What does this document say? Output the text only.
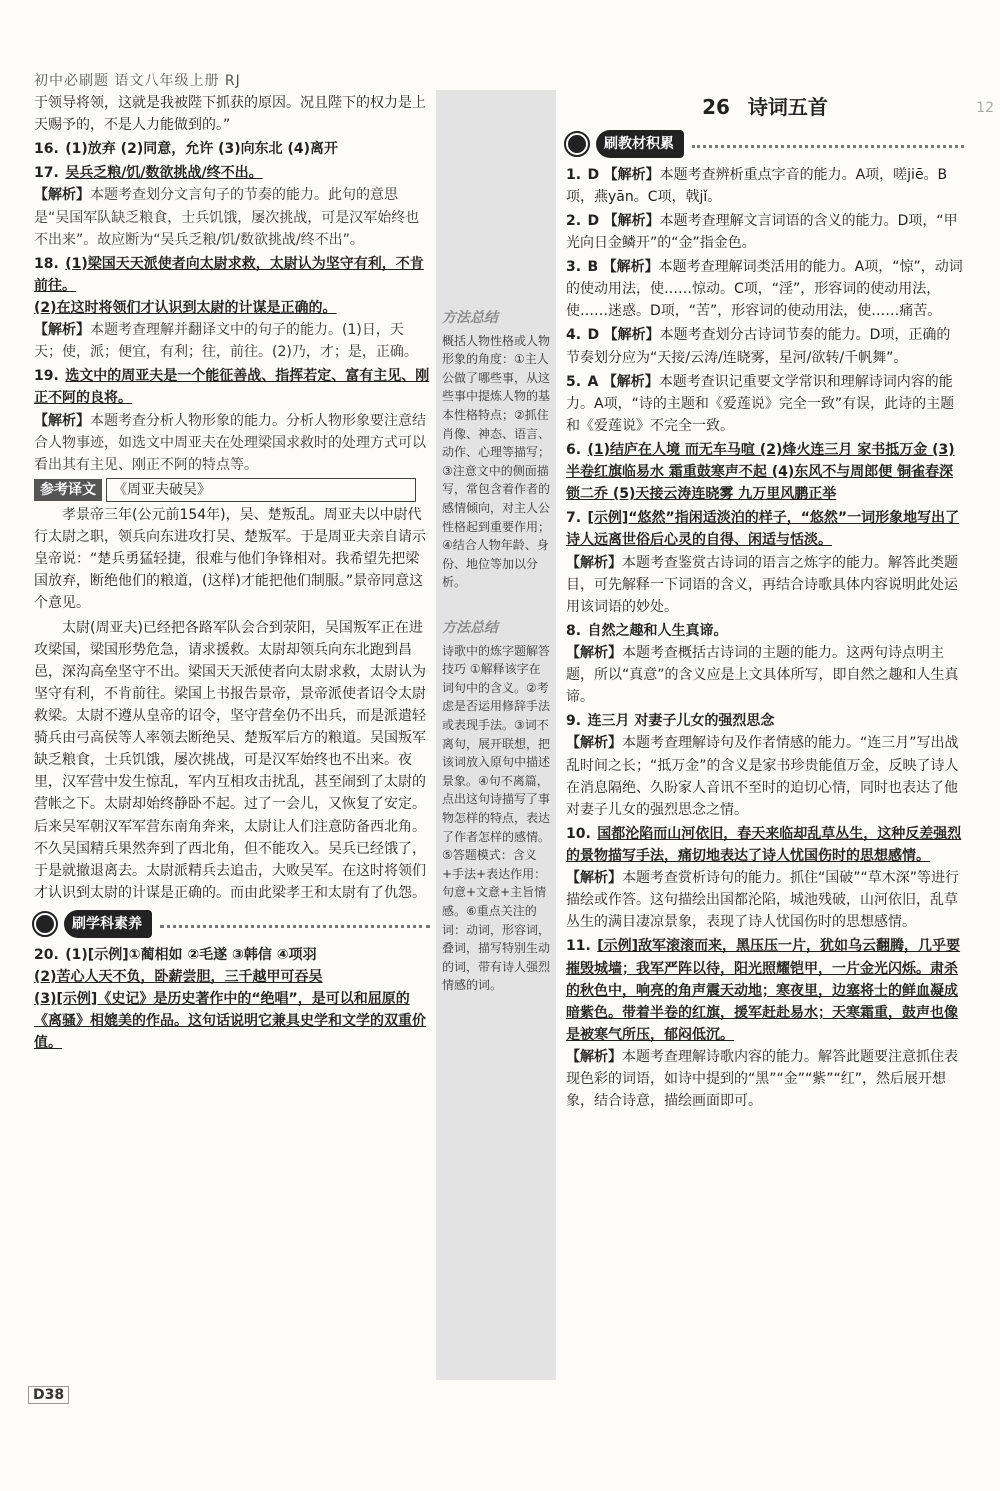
初中必刷题 语文八年级上册 RJ
12
于领导将领，这就是我被陛下抓获的原因。况且陛下的权力是上天赐予的，不是人力能做到的。”
16. (1)放弃 (2)同意，允许 (3)向东北 (4)离开
17. 吴兵乏粮/饥/数欲挑战/终不出。
【解析】本题考查划分文言句子的节奏的能力。此句的意思是“吴国军队缺乏粮食，士兵饥饿，屡次挑战，可是汉军始终也不出来”。故应断为“吴兵乏粮/饥/数欲挑战/终不出”。
18. (1)梁国天天派使者向太尉求救，太尉认为坚守有利，不肯前往。
(2)在这时将领们才认识到太尉的计谋是正确的。
【解析】本题考查理解并翻译文中的句子的能力。(1)日，天天；使，派；便宜，有利；往，前往。(2)乃，才；是，正确。
19. 选文中的周亚夫是一个能征善战、指挥若定、富有主见、刚正不阿的良将。
【解析】本题考查分析人物形象的能力。分析人物形象要注意结合人物事迹，如选文中周亚夫在处理梁国求救时的处理方式可以看出其有主见、刚正不阿的特点等。
参考译文 《周亚夫破吴》
孝景帝三年(公元前154年)，吴、楚叛乱。周亚夫以中尉代行太尉之职，领兵向东进攻打吴、楚叛军。于是周亚夫亲自请示皇帝说：“楚兵勇猛轻捷，很难与他们争锋相对。我希望先把梁国放弃，断绝他们的粮道，(这样)才能把他们制服。”景帝同意这个意见。
太尉(周亚夫)已经把各路军队会合到荥阳，吴国叛军正在进攻梁国，梁国形势危急，请求援救。太尉却领兵向东北跑到昌邑，深沟高垒坚守不出。梁国天天派使者向太尉求救，太尉认为坚守有利，不肯前往。梁国上书报告景帝，景帝派使者诏令太尉救梁。太尉不遵从皇帝的诏令，坚守营垒仍不出兵，而是派遣轻骑兵由弓高侯等人率领去断绝吴、楚叛军后方的粮道。吴国叛军缺乏粮食，士兵饥饿，屡次挑战，可是汉军始终也不出来。夜里，汉军营中发生惊乱，军内互相攻击扰乱，甚至闹到了太尉的营帐之下。太尉却始终静卧不起。过了一会儿，又恢复了安定。后来吴军朝汉军军营东南角奔来，太尉让人们注意防备西北角。不久吴国精兵果然奔到了西北角，但不能攻入。吴兵已经饿了，于是就撤退离去。太尉派精兵去追击，大败吴军。在这时将领们才认识到太尉的计谋是正确的。而由此梁孝王和太尉有了仇怨。
刷学科素养
20. (1)[示例]①蔺相如 ②毛遂 ③韩信 ④项羽
(2)苦心人天不负，卧薪尝胆，三千越甲可吞吴
(3)[示例]《史记》是历史著作中的“绝唱”，是可以和屈原的《离骚》相媲美的作品。这句话说明它兼具史学和文学的双重价值。
方法总结
概括人物性格或人物形象的角度：①主人公做了哪些事，从这些事中提炼人物的基本性格特点；②抓住肖像、神态、语言、动作、心理等描写；③注意文中的侧面描写，常包含着作者的感情倾向，对主人公性格起到重要作用；④结合人物年龄、身份、地位等加以分析。
方法总结
诗歌中的炼字题解答技巧 ①解释该字在词句中的含义。②考虑是否运用修辞手法或表现手法。③词不离句，展开联想，把该词放入原句中描述景象。④句不离篇，点出这句诗描写了事物怎样的特点，表达了作者怎样的感情。⑤答题模式：含义+手法+表达作用：句意+文意+主旨情感。⑥重点关注的词：动词，形容词，叠词，描写特别生动的词，带有诗人强烈情感的词。
26 诗词五首
刷教材积累
1. D 【解析】本题考查辨析重点字音的能力。A项，嗟jiē。B项，燕yān。C项，戟jǐ。
2. D 【解析】本题考查理解文言词语的含义的能力。D项，“甲光向日金鳞开”的“金”指金色。
3. B 【解析】本题考查理解词类活用的能力。A项，“惊”，动词的使动用法，使……惊动。C项，“淫”，形容词的使动用法，使……迷惑。D项，“苦”，形容词的使动用法，使……痛苦。
4. D 【解析】本题考查划分古诗词节奏的能力。D项，正确的节奏划分应为“天接/云涛/连晓雾，星河/欲转/千帆舞”。
5. A 【解析】本题考查识记重要文学常识和理解诗词内容的能力。A项，“诗的主题和《爱莲说》完全一致”有误，此诗的主题和《爱莲说》不完全一致。
6. (1)结庐在人境 而无车马喧 (2)烽火连三月 家书抵万金 (3)半卷红旗临易水 霜重鼓寒声不起 (4)东风不与周郎便 铜雀春深锁二乔 (5)天接云涛连晓雾 九万里风鹏正举
7. [示例]“悠然”指闲适淡泊的样子，“悠然”一词形象地写出了诗人远离世俗后心灵的自得、闲适与恬淡。
【解析】本题考查鉴赏古诗词的语言之炼字的能力。解答此类题目，可先解释一下词语的含义，再结合诗歌具体内容说明此处运用该词语的妙处。
8. 自然之趣和人生真谛。
【解析】本题考查概括古诗词的主题的能力。这两句诗点明主题，所以“真意”的含义应是上文具体所写，即自然之趣和人生真谛。
9. 连三月 对妻子儿女的强烈思念
【解析】本题考查理解诗句及作者情感的能力。“连三月”写出战乱时间之长；“抵万金”的含义是家书珍贵能值万金，反映了诗人在消息隔绝、久盼家人音讯不至时的迫切心情，同时也表达了他对妻子儿女的强烈思念之情。
10. 国都沦陷而山河依旧，春天来临却乱草丛生，这种反差强烈的景物描写手法，痛切地表达了诗人忧国伤时的思想感情。
【解析】本题考查赏析诗句的能力。抓住“国破”“草木深”等进行描绘或作答。这句描绘出国都沦陷，城池残破，山河依旧，乱草丛生的满目凄凉景象，表现了诗人忧国伤时的思想感情。
11. [示例]敌军滚滚而来，黑压压一片，犹如乌云翻腾，几乎要摧毁城墙；我军严阵以待，阳光照耀铠甲，一片金光闪烁。肃杀的秋色中，响亮的角声震天动地；寒夜里，边塞将士的鲜血凝成暗紫色。带着半卷的红旗，援军赶赴易水；天寒霜重，鼓声也像是被寒气所压，郁闷低沉。
【解析】本题考查理解诗歌内容的能力。解答此题要注意抓住表现色彩的词语，如诗中提到的“黑”“金”“紫”“红”，然后展开想象，结合诗意，描绘画面即可。
D38
